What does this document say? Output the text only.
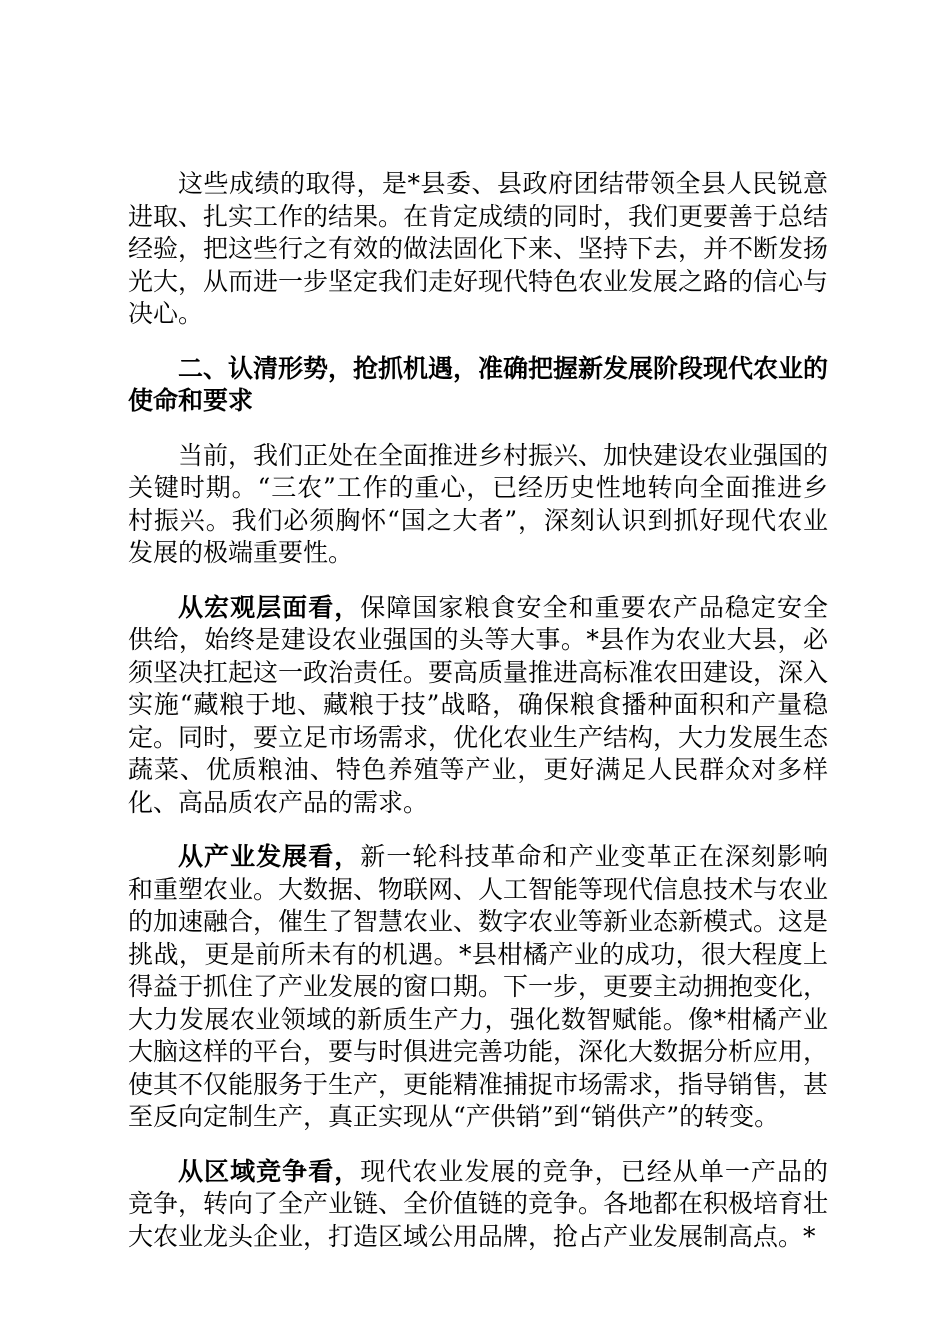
这些成绩的取得，是*县委、县政府团结带领全县人民锐意进取、扎实工作的结果。在肯定成绩的同时，我们更要善于总结经验，把这些行之有效的做法固化下来、坚持下去，并不断发扬光大，从而进一步坚定我们走好现代特色农业发展之路的信心与决心。

二、认清形势，抢抓机遇，准确把握新发展阶段现代农业的使命和要求

当前，我们正处在全面推进乡村振兴、加快建设农业强国的关键时期。“三农”工作的重心，已经历史性地转向全面推进乡村振兴。我们必须胸怀“国之大者”，深刻认识到抓好现代农业发展的极端重要性。

从宏观层面看，保障国家粮食安全和重要农产品稳定安全供给，始终是建设农业强国的头等大事。*县作为农业大县，必须坚决扛起这一政治责任。要高质量推进高标准农田建设，深入实施“藏粮于地、藏粮于技”战略，确保粮食播种面积和产量稳定。同时，要立足市场需求，优化农业生产结构，大力发展生态蔬菜、优质粮油、特色养殖等产业，更好满足人民群众对多样化、高品质农产品的需求。

从产业发展看，新一轮科技革命和产业变革正在深刻影响和重塑农业。大数据、物联网、人工智能等现代信息技术与农业的加速融合，催生了智慧农业、数字农业等新业态新模式。这是挑战，更是前所未有的机遇。*县柑橘产业的成功，很大程度上得益于抓住了产业发展的窗口期。下一步，更要主动拥抱变化，大力发展农业领域的新质生产力，强化数智赋能。像*柑橘产业大脑这样的平台，要与时俱进完善功能，深化大数据分析应用，使其不仅能服务于生产，更能精准捕捉市场需求，指导销售，甚至反向定制生产，真正实现从“产供销”到“销供产”的转变。

从区域竞争看，现代农业发展的竞争，已经从单一产品的竞争，转向了全产业链、全价值链的竞争。各地都在积极培育壮大农业龙头企业，打造区域公用品牌，抢占产业发展制高点。*
